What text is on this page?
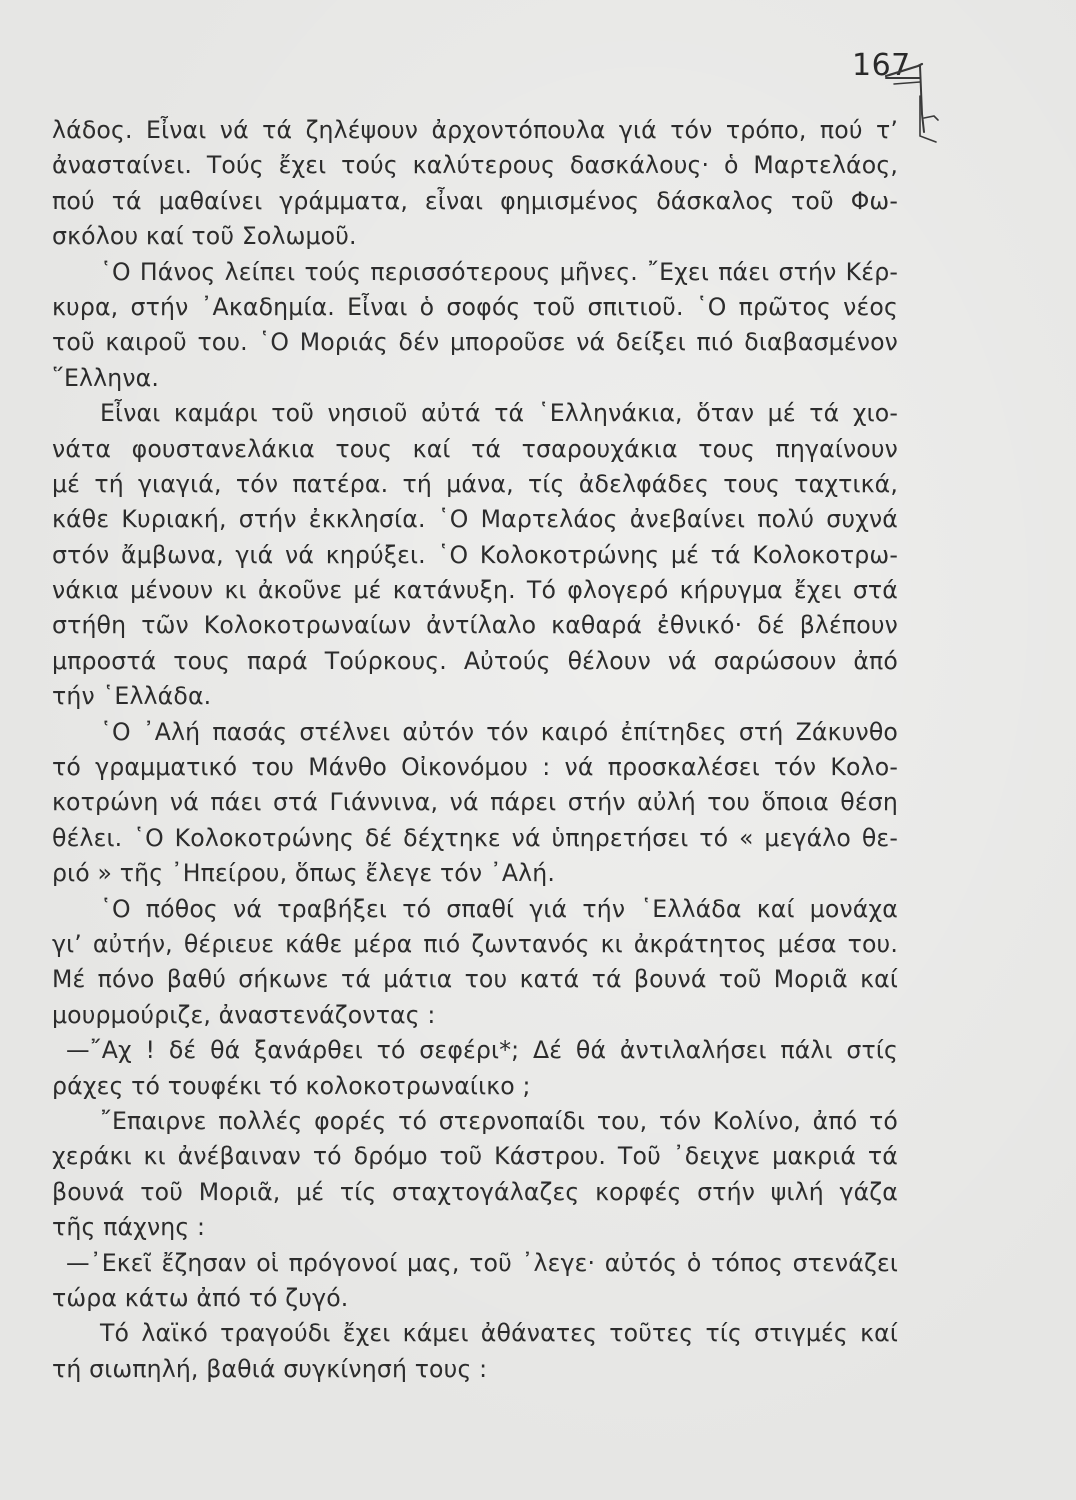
167
λάδος. Εἶναι νά τά ζηλέψουν ἀρχοντόπουλα γιά τόν τρόπο, πού τ’
ἀνασταίνει. Τούς ἔχει τούς καλύτερους δασκάλους· ὁ Μαρτελάος,
πού τά μαθαίνει γράμματα, εἶναι φημισμένος δάσκαλος τοῦ Φω-
σκόλου καί τοῦ Σολωμοῦ.
῾Ο Πάνος λείπει τούς περισσότερους μῆνες. ῎Εχει πάει στήν Κέρ-
κυρα, στήν ᾿Ακαδημία. Εἶναι ὁ σοφός τοῦ σπιτιοῦ. ῾Ο πρῶτος νέος
τοῦ καιροῦ του. ῾Ο Μοριάς δέν μποροῦσε νά δείξει πιό διαβασμένον
῞Ελληνα.
Εἶναι καμάρι τοῦ νησιοῦ αὐτά τά ῾Ελληνάκια, ὅταν μέ τά χιο-
νάτα φουστανελάκια τους καί τά τσαρουχάκια τους πηγαίνουν
μέ τή γιαγιά, τόν πατέρα. τή μάνα, τίς ἀδελφάδες τους ταχτικά,
κάθε Κυριακή, στήν ἐκκλησία. ῾Ο Μαρτελάος ἀνεβαίνει πολύ συχνά
στόν ἄμβωνα, γιά νά κηρύξει. ῾Ο Κολοκοτρώνης μέ τά Κολοκοτρω-
νάκια μένουν κι ἀκοῦνε μέ κατάνυξη. Τό φλογερό κήρυγμα ἔχει στά
στήθη τῶν Κολοκοτρωναίων ἀντίλαλο καθαρά ἐθνικό· δέ βλέπουν
μπροστά τους παρά Τούρκους. Αὐτούς θέλουν νά σαρώσουν ἀπό
τήν ῾Ελλάδα.
῾Ο ᾿Αλή πασάς στέλνει αὐτόν τόν καιρό ἐπίτηδες στή Ζάκυνθο
τό γραμματικό του Μάνθο Οἰκονόμου : νά προσκαλέσει τόν Κολο-
κοτρώνη νά πάει στά Γιάννινα, νά πάρει στήν αὐλή του ὅποια θέση
θέλει. ῾Ο Κολοκοτρώνης δέ δέχτηκε νά ὑπηρετήσει τό « μεγάλο θε-
ριό » τῆς ᾿Ηπείρου, ὅπως ἔλεγε τόν ᾿Αλή.
῾Ο πόθος νά τραβήξει τό σπαθί γιά τήν ῾Ελλάδα καί μονάχα
γι’ αὐτήν, θέριευε κάθε μέρα πιό ζωντανός κι ἀκράτητος μέσα του.
Μέ πόνο βαθύ σήκωνε τά μάτια του κατά τά βουνά τοῦ Μοριᾶ καί
μουρμούριζε, ἀναστενάζοντας :
—῎Αχ ! δέ θά ξανάρθει τό σεφέρι*; Δέ θά ἀντιλαλήσει πάλι στίς
ράχες τό τουφέκι τό κολοκοτρωναίικο ;
῎Επαιρνε πολλές φορές τό στερνοπαίδι του, τόν Κολίνο, ἀπό τό
χεράκι κι ἀνέβαιναν τό δρόμο τοῦ Κάστρου. Τοῦ ᾿δειχνε μακριά τά
βουνά τοῦ Μοριᾶ, μέ τίς σταχτογάλαζες κορφές στήν ψιλή γάζα
τῆς πάχνης :
—᾿Εκεῖ ἔζησαν οἱ πρόγονοί μας, τοῦ ᾿λεγε· αὐτός ὁ τόπος στενάζει
τώρα κάτω ἀπό τό ζυγό.
Τό λαϊκό τραγούδι ἔχει κάμει ἀθάνατες τοῦτες τίς στιγμές καί
τή σιωπηλή, βαθιά συγκίνησή τους :
